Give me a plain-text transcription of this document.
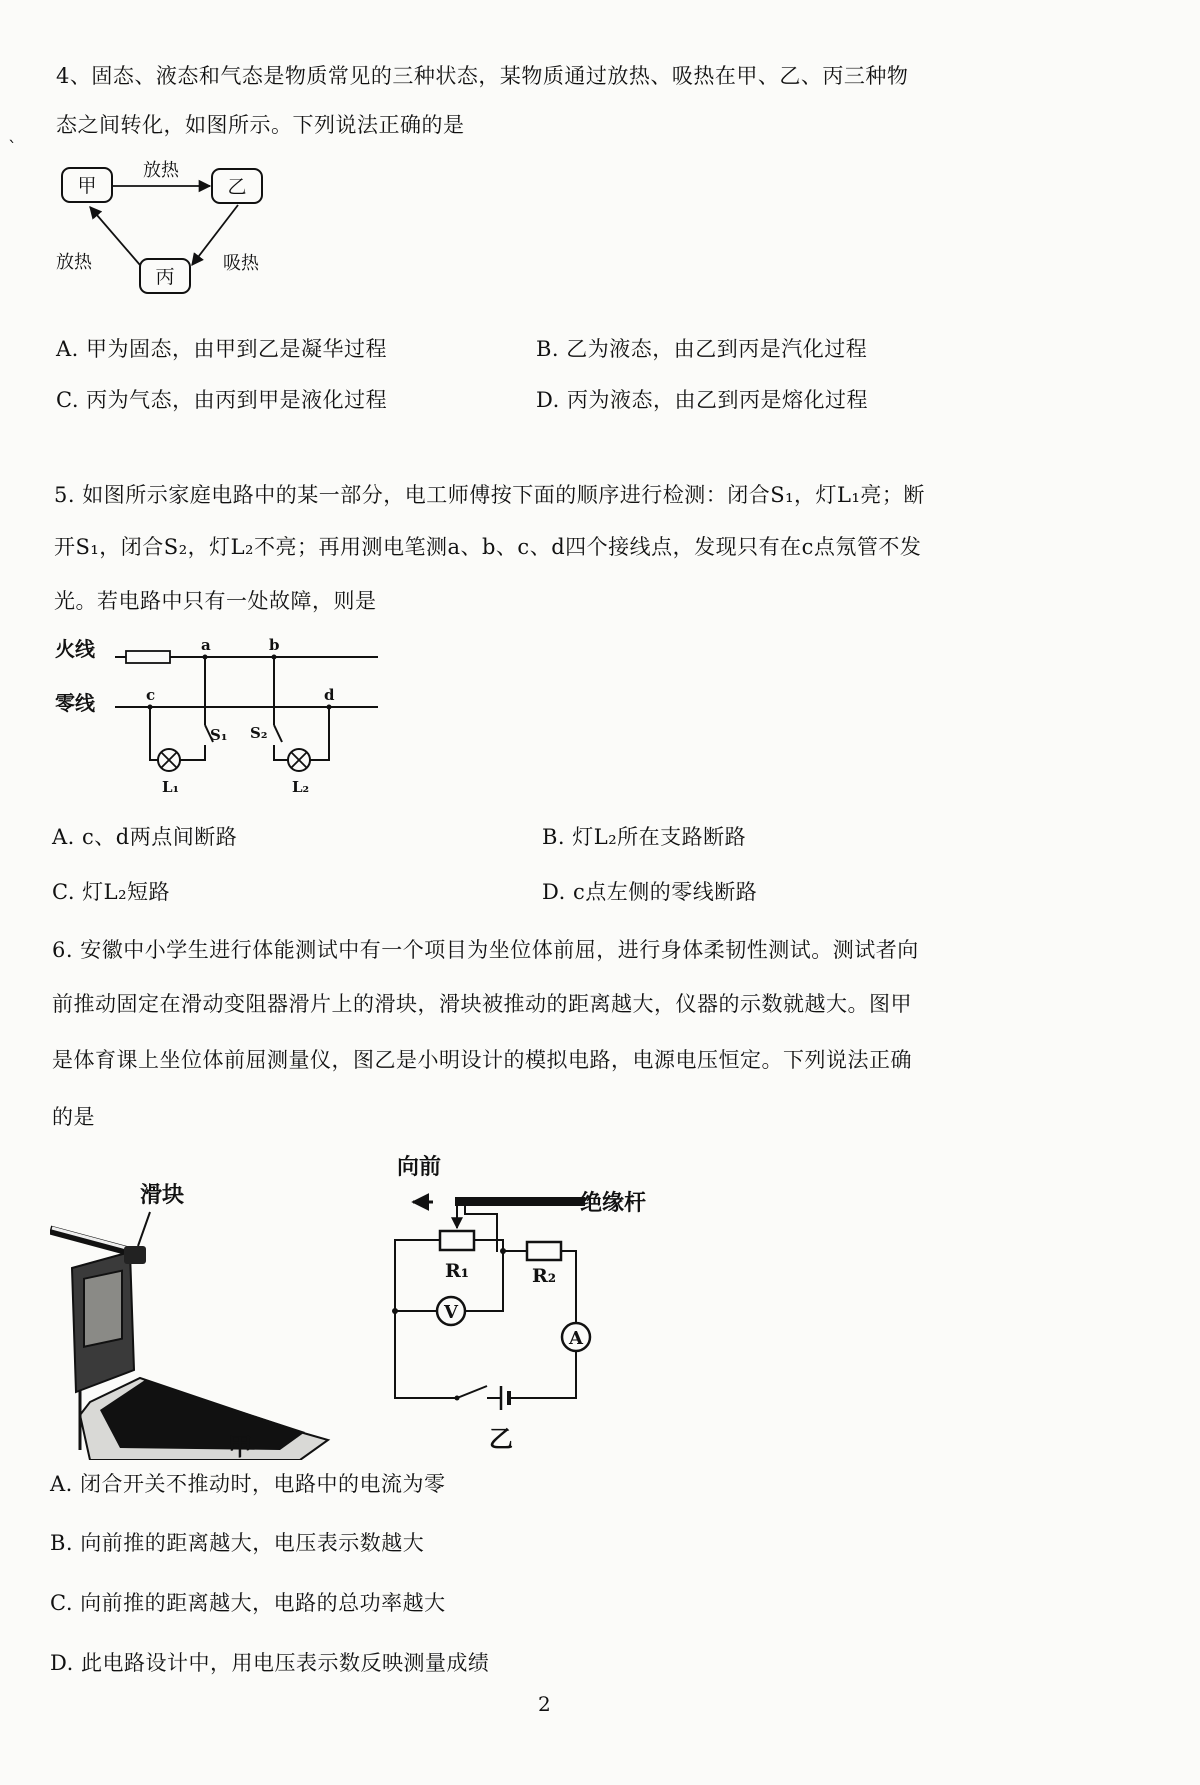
4、固态、液态和气态是物质常见的三种状态，某物质通过放热、吸热在甲、乙、丙三种物
态之间转化，如图所示。下列说法正确的是
`
甲	乙
丙
放热
放热	吸热
A. 甲为固态，由甲到乙是凝华过程	B. 乙为液态，由乙到丙是汽化过程
C. 丙为气态，由丙到甲是液化过程	D. 丙为液态，由乙到丙是熔化过程
5. 如图所示家庭电路中的某一部分，电工师傅按下面的顺序进行检测：闭合S₁，灯L₁亮；断
开S₁，闭合S₂，灯L₂不亮；再用测电笔测a、b、c、d四个接线点，发现只有在c点氖管不发
光。若电路中只有一处故障，则是
火线
零线
a	b
c	d
S₁
L₁
S₂
L₂
A. c、d两点间断路	B. 灯L₂所在支路断路
C. 灯L₂短路	D. c点左侧的零线断路
6. 安徽中小学生进行体能测试中有一个项目为坐位体前屈，进行身体柔韧性测试。测试者向
前推动固定在滑动变阻器滑片上的滑块，滑块被推动的距离越大，仪器的示数就越大。图甲
是体育课上坐位体前屈测量仪，图乙是小明设计的模拟电路，电源电压恒定。下列说法正确
的是
滑块
甲
向前
绝缘杆
R₁	R₂
V
A
乙
A. 闭合开关不推动时，电路中的电流为零
B. 向前推的距离越大，电压表示数越大
C. 向前推的距离越大，电路的总功率越大
D. 此电路设计中，用电压表示数反映测量成绩
2
